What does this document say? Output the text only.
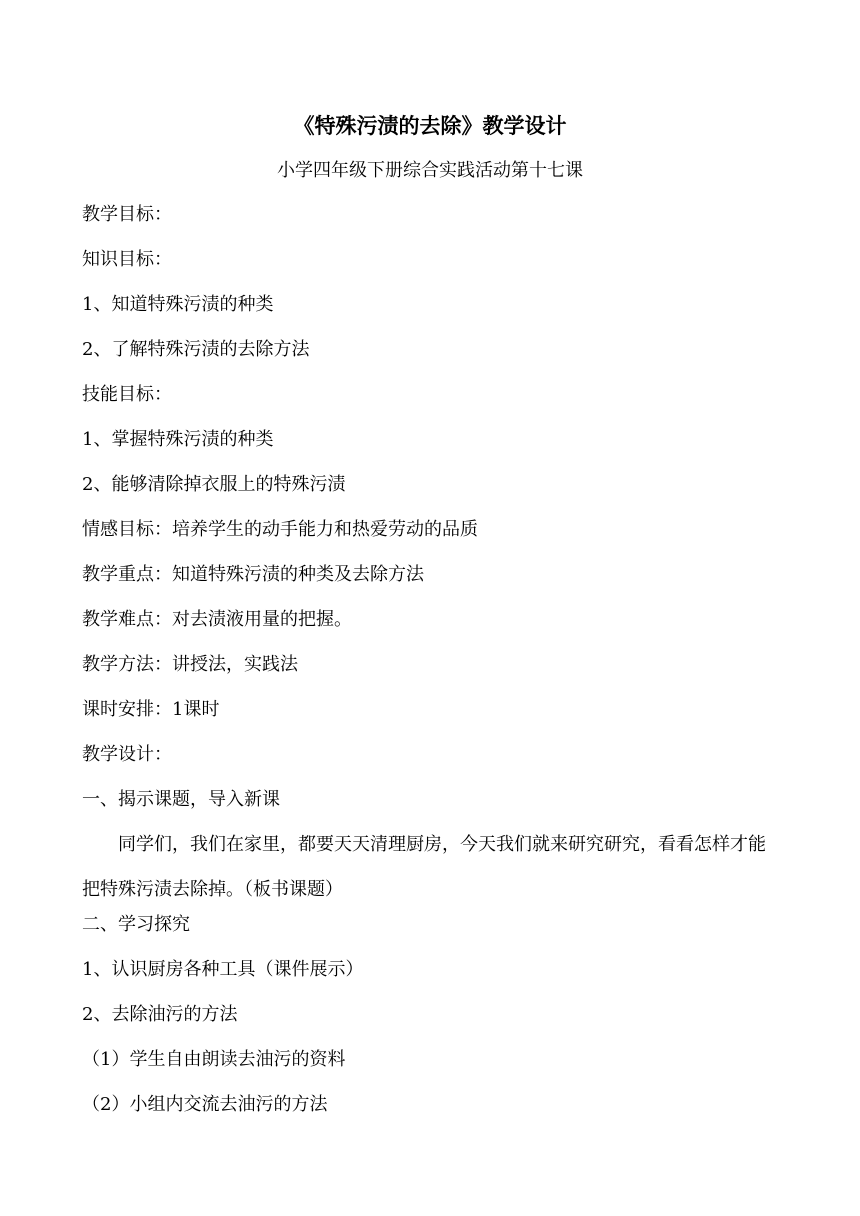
《特殊污渍的去除》教学设计
小学四年级下册综合实践活动第十七课
教学目标：
知识目标：
1、知道特殊污渍的种类
2、了解特殊污渍的去除方法
技能目标：
1、掌握特殊污渍的种类
2、能够清除掉衣服上的特殊污渍
情感目标：培养学生的动手能力和热爱劳动的品质
教学重点：知道特殊污渍的种类及去除方法
教学难点：对去渍液用量的把握。
教学方法：讲授法，实践法
课时安排：1课时
教学设计：
一、揭示课题，导入新课
同学们，我们在家里，都要天天清理厨房，今天我们就来研究研究，看看怎样才能把特殊污渍去除掉。（板书课题）
二、学习探究
1、认识厨房各种工具（课件展示）
2、去除油污的方法
（1）学生自由朗读去油污的资料
（2）小组内交流去油污的方法
